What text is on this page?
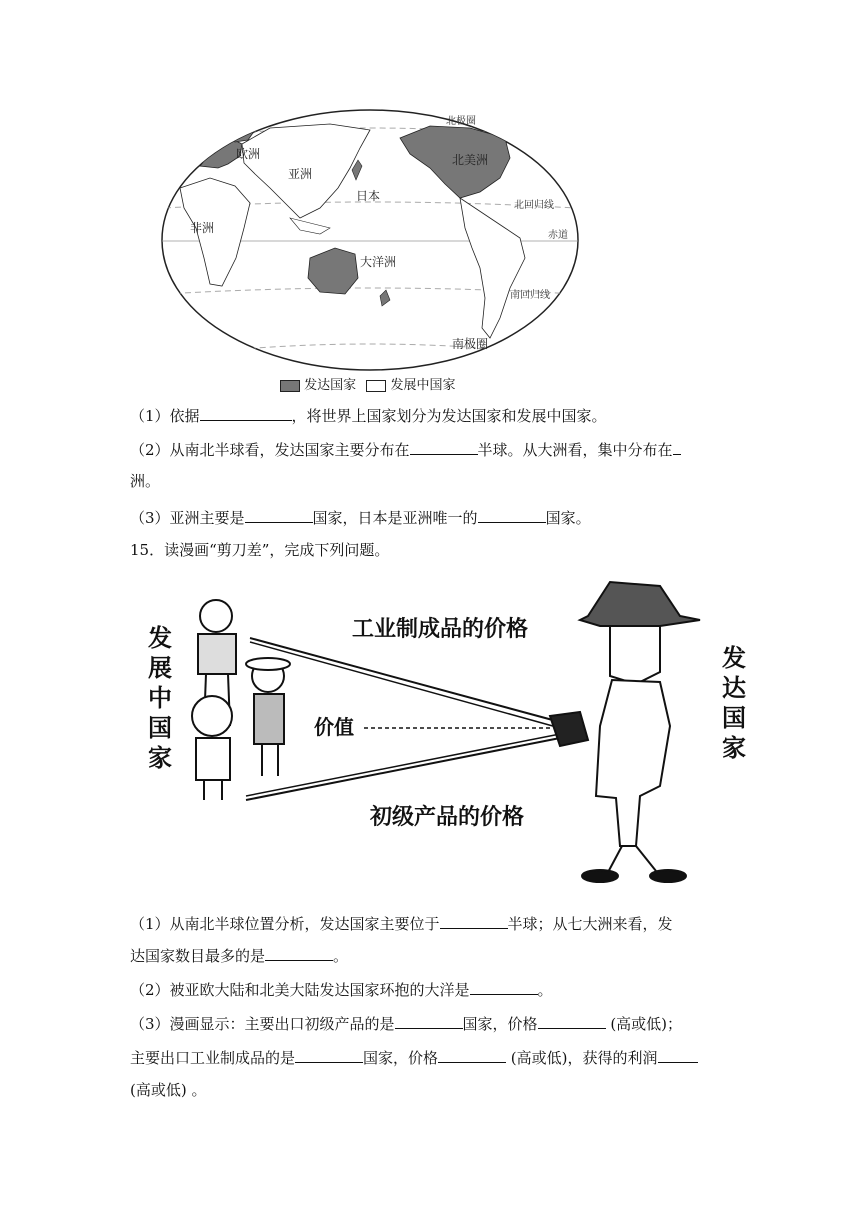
欧洲
亚洲
日本
非洲
大洋洲
北美洲
北极圈
北回归线
赤道
南回归线
南极圈
发达国家	发展中国家
（1）依据	，将世界上国家划分为发达国家和发展中国家。
（2）从南北半球看，发达国家主要分布在	半球。从大洲看，集中分布在
洲。
（3）亚洲主要是	国家，日本是亚洲唯一的	国家。
15．读漫画“剪刀差”，完成下列问题。
发
展
中
国
家
发
达
国
家
工业制成品的价格
价值
初级产品的价格
（1）从南北半球位置分析，发达国家主要位于	半球；从七大洲来看，发
达国家数目最多的是	。
（2）被亚欧大陆和北美大陆发达国家环抱的大洋是	。
（3）漫画显示：主要出口初级产品的是	国家，价格	(高或低)；
主要出口工业制成品的是	国家，价格	(高或低)，获得的利润
(高或低) 。
